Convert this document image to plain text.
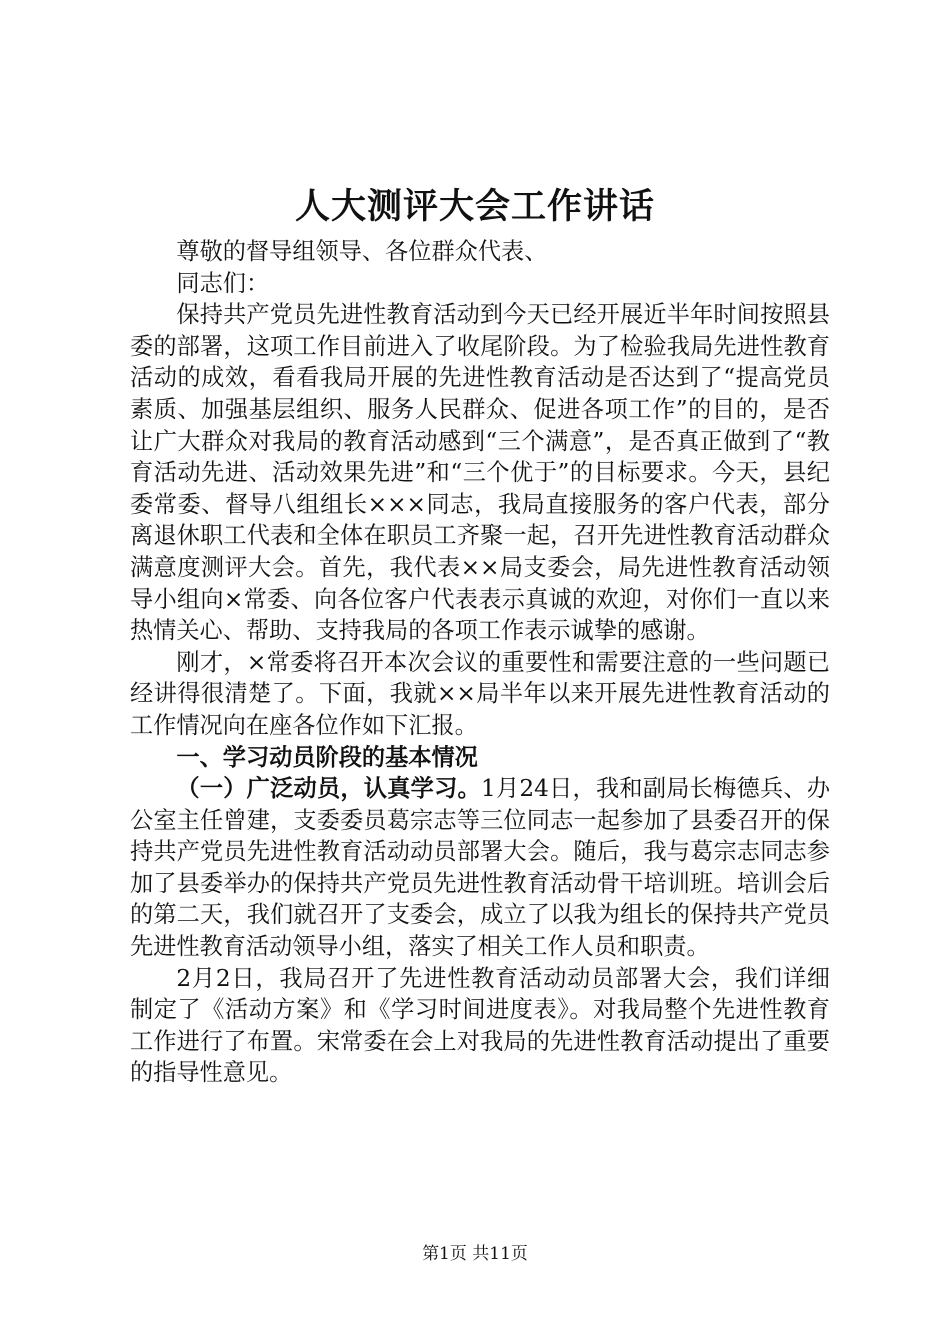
人大测评大会工作讲话

尊敬的督导组领导、各位群众代表、

同志们：

保持共产党员先进性教育活动到今天已经开展近半年时间按照县委的部署，这项工作目前进入了收尾阶段。为了检验我局先进性教育活动的成效，看看我局开展的先进性教育活动是否达到了“提高党员素质、加强基层组织、服务人民群众、促进各项工作”的目的，是否让广大群众对我局的教育活动感到“三个满意”，是否真正做到了“教育活动先进、活动效果先进”和“三个优于”的目标要求。今天，县纪委常委、督导八组组长×××同志，我局直接服务的客户代表，部分离退休职工代表和全体在职员工齐聚一起，召开先进性教育活动群众满意度测评大会。首先，我代表××局支委会，局先进性教育活动领导小组向×常委、向各位客户代表表示真诚的欢迎，对你们一直以来热情关心、帮助、支持我局的各项工作表示诚挚的感谢。

刚才，×常委将召开本次会议的重要性和需要注意的一些问题已经讲得很清楚了。下面，我就××局半年以来开展先进性教育活动的工作情况向在座各位作如下汇报。

一、学习动员阶段的基本情况

（一）广泛动员，认真学习。1月24日，我和副局长梅德兵、办公室主任曾建，支委委员葛宗志等三位同志一起参加了县委召开的保持共产党员先进性教育活动动员部署大会。随后，我与葛宗志同志参加了县委举办的保持共产党员先进性教育活动骨干培训班。培训会后的第二天，我们就召开了支委会，成立了以我为组长的保持共产党员先进性教育活动领导小组，落实了相关工作人员和职责。

2月2日，我局召开了先进性教育活动动员部署大会，我们详细制定了《活动方案》和《学习时间进度表》。对我局整个先进性教育工作进行了布置。宋常委在会上对我局的先进性教育活动提出了重要的指导性意见。

第1页 共11页
